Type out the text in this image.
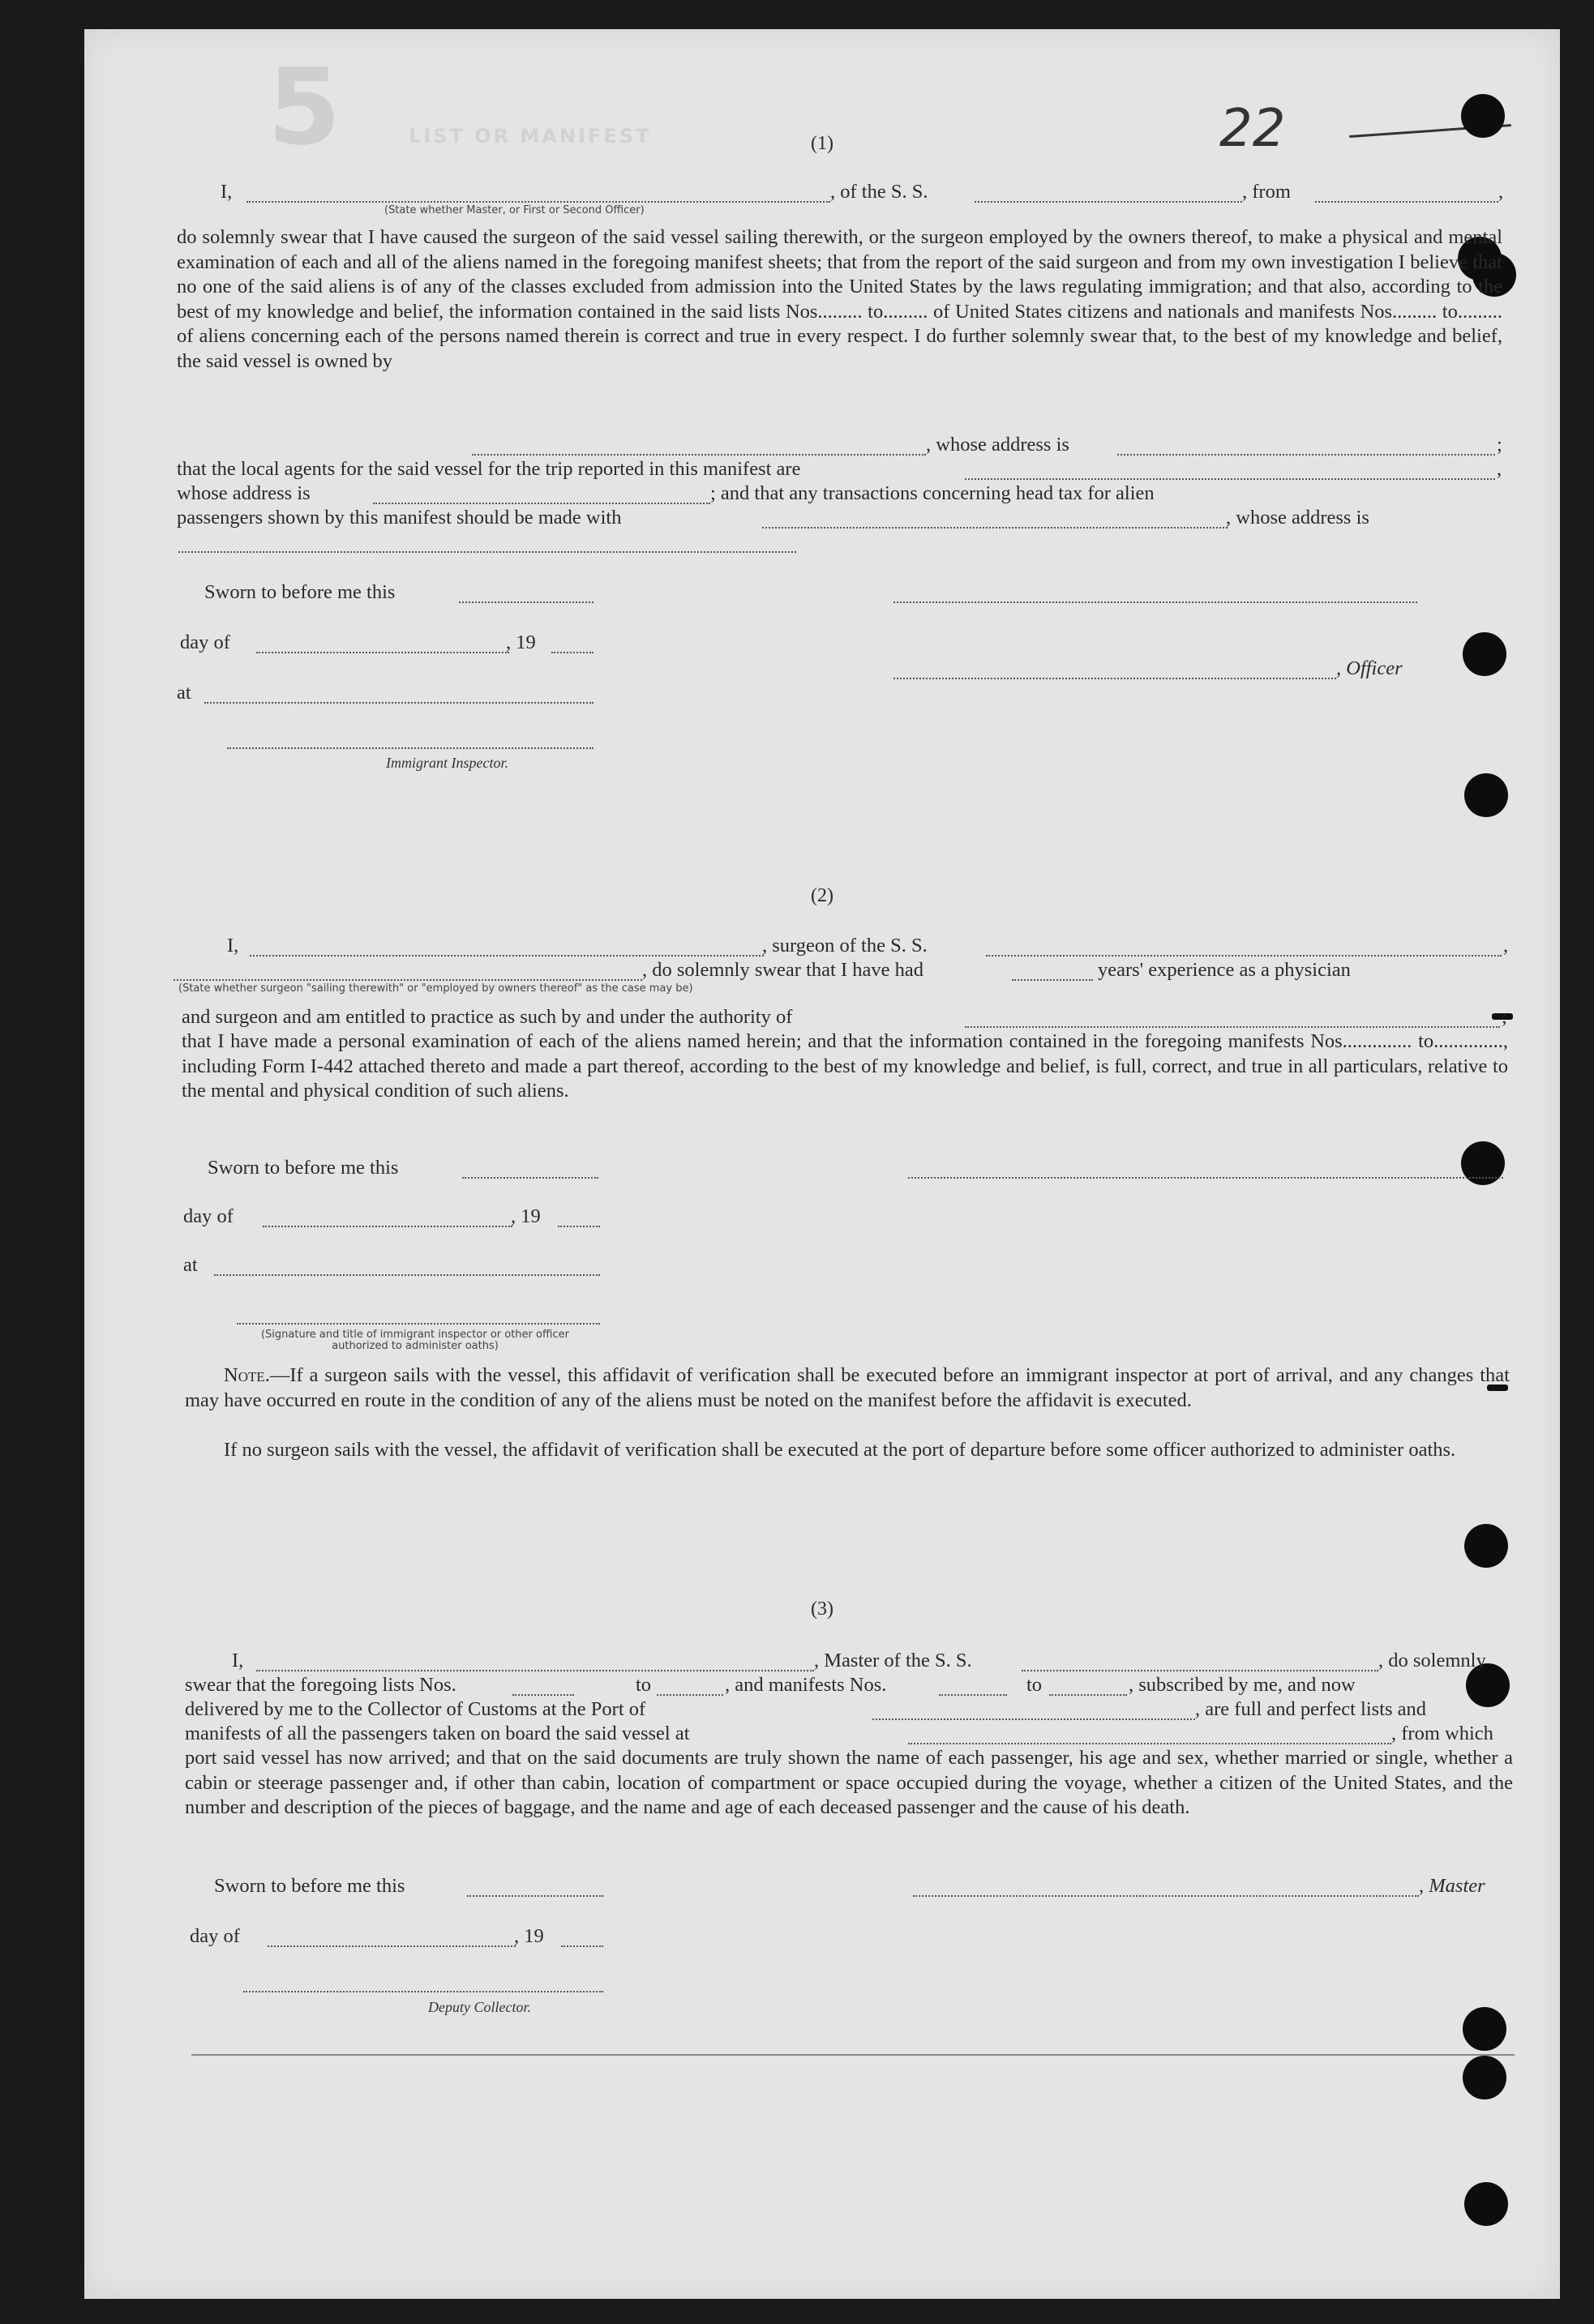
5	LIST OR MANIFEST	22
(1)
I,	, of the S. S.	, from	,
(State whether Master, or First or Second Officer)
do solemnly swear that I have caused the surgeon of the said vessel sailing therewith, or the surgeon employed by the owners thereof, to make a physical and mental examination of each and all of the aliens named in the foregoing manifest sheets; that from the report of the said surgeon and from my own investigation I believe that no one of the said aliens is of any of the classes excluded from admission into the United States by the laws regulating immigration; and that also, according to the best of my knowledge and belief, the information contained in the said lists Nos......... to......... of United States citizens and nationals and manifests Nos......... to......... of aliens concerning each of the persons named therein is correct and true in every respect. I do further solemnly swear that, to the best of my knowledge and belief, the said vessel is owned by
, whose address is	;
that the local agents for the said vessel for the trip reported in this manifest are	,
whose address is	; and that any transactions concerning head tax for alien
passengers shown by this manifest should be made with	, whose address is
Sworn to before me this
day of	, 19
, Officer
at
Immigrant Inspector.
(2)
I,	, surgeon of the S. S.	,
, do solemnly swear that I have had	years' experience as a physician
(State whether surgeon "sailing therewith" or "employed by owners thereof" as the case may be)
and surgeon and am entitled to practice as such by and under the authority of	;
that I have made a personal examination of each of the aliens named herein; and that the information contained in the foregoing manifests Nos.............. to.............., including Form I-442 attached thereto and made a part thereof, according to the best of my knowledge and belief, is full, correct, and true in all particulars, relative to the mental and physical condition of such aliens.
Sworn to before me this
day of	, 19
at
(Signature and title of immigrant inspector or other officer authorized to administer oaths)
Note.—If a surgeon sails with the vessel, this affidavit of verification shall be executed before an immigrant inspector at port of arrival, and any changes that may have occurred en route in the condition of any of the aliens must be noted on the manifest before the affidavit is executed.
If no surgeon sails with the vessel, the affidavit of verification shall be executed at the port of departure before some officer authorized to administer oaths.
(3)
I,	, Master of the S. S.	, do solemnly
swear that the foregoing lists Nos.	to	, and manifests Nos.	to	, subscribed by me, and now
delivered by me to the Collector of Customs at the Port of	, are full and perfect lists and
manifests of all the passengers taken on board the said vessel at	, from which
port said vessel has now arrived; and that on the said documents are truly shown the name of each passenger, his age and sex, whether married or single, whether a cabin or steerage passenger and, if other than cabin, location of compartment or space occupied during the voyage, whether a citizen of the United States, and the number and description of the pieces of baggage, and the name and age of each deceased passenger and the cause of his death.
Sworn to before me this	, Master
day of	, 19
Deputy Collector.
